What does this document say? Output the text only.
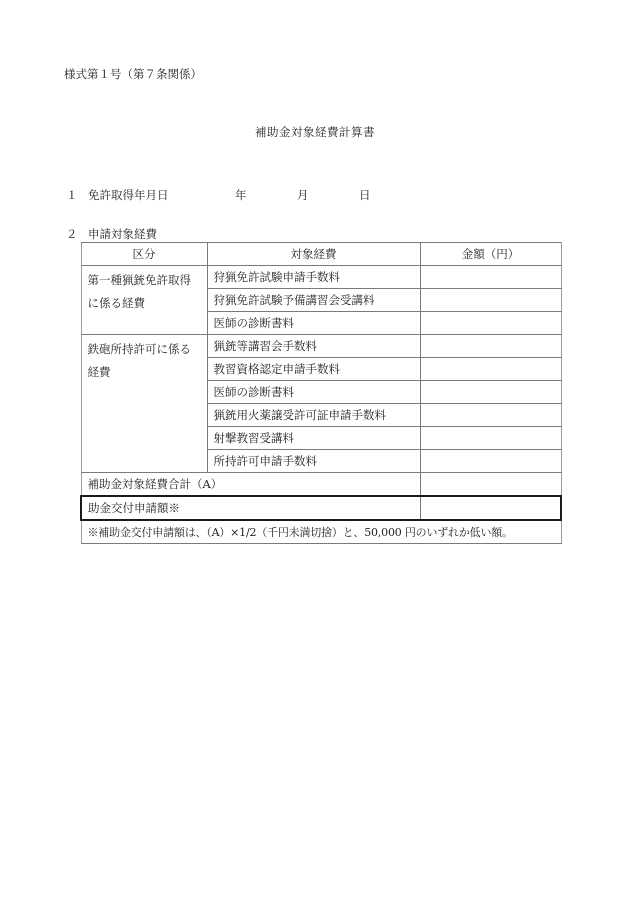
様式第１号（第７条関係）
補助金対象経費計算書
１ 免許取得年月日	年	月	日
２ 申請対象経費
区分	対象経費	金額（円）
第一種猟銃免許取得に係る経費	狩猟免許試験申請手数料	
	狩猟免許試験予備講習会受講料	
	医師の診断書料	
鉄砲所持許可に係る経費	猟銃等講習会手数料	
	教習資格認定申請手数料	
	医師の診断書料	
	猟銃用火薬譲受許可証申請手数料	
	射撃教習受講料	
	所持許可申請手数料	
補助金対象経費合計（A）		
助金交付申請額※		
※補助金交付申請額は、（A）×1/2（千円未満切捨）と、50,000 円のいずれか低い額。		
